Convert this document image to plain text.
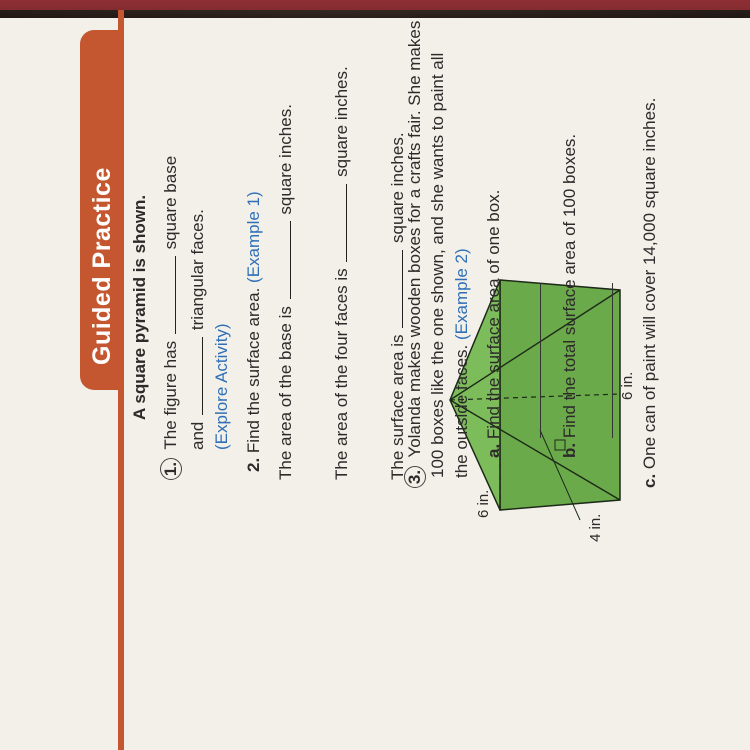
Guided Practice A square pyramid is shown.
1. The figure has  square base
and  triangular faces.
(Explore Activity)
2. Find the surface area. (Example 1)
The area of the base is  square inches.
The area of the four faces is  square inches.
The surface area is  square inches.
6 in.
6 in.
4 in.
3. Yolanda makes wooden boxes for a crafts fair. She makes 100 boxes like the one shown, and she wants to paint all the outside faces. (Example 2)
a. Find the surface area of one box.
b. Find the total surface area of 100 boxes.
c. One can of paint will cover 14,000 square inches.
